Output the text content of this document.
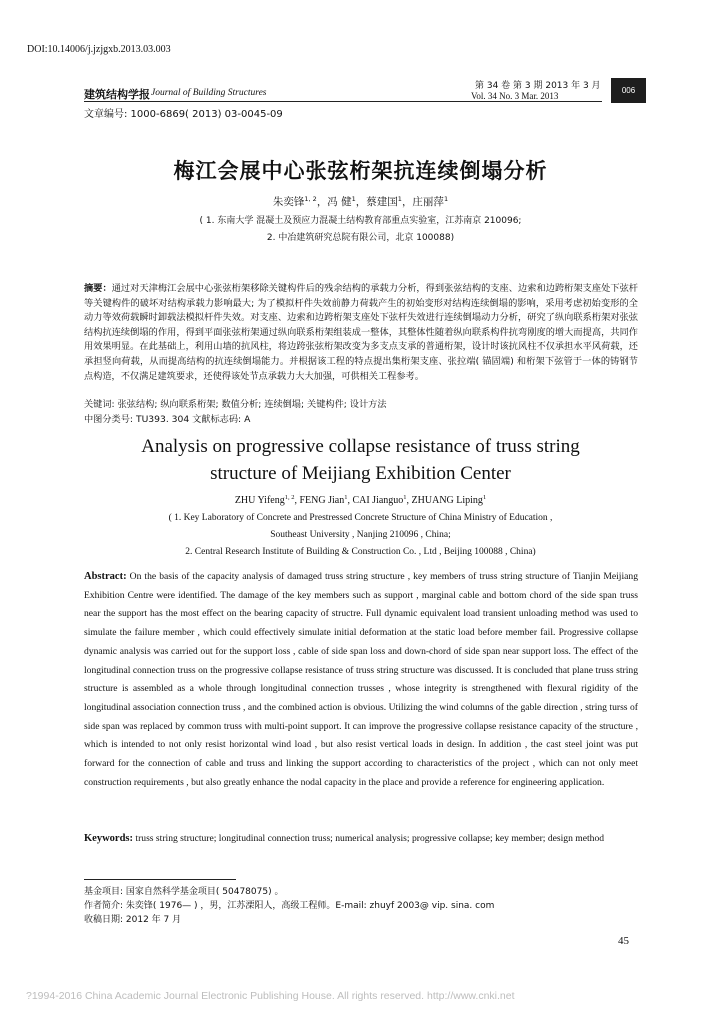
DOI:10.14006/j.jzjgxb.2013.03.003
建筑结构学报 Journal of Building Structures
第 34 卷 第 3 期 2013 年 3 月
Vol. 34 No. 3 Mar. 2013
006
文章编号: 1000-6869( 2013) 03-0045-09
梅江会展中心张弦桁架抗连续倒塌分析
朱奕锋$^{1, 2}$，冯 健$^1$，蔡建国$^1$，庄丽萍$^1$
( 1. 东南大学 混凝土及预应力混凝土结构教育部重点实验室，江苏南京 210096;
2. 中冶建筑研究总院有限公司，北京 100088)
摘要：通过对天津梅江会展中心张弦桁架移除关键构件后的残余结构的承载力分析，得到张弦结构的支座、边索和边跨桁架支座处下弦杆等关键构件的破坏对结构承载力影响最大; 为了模拟杆件失效前静力荷载产生的初始变形对结构连续倒塌的影响，采用考虑初始变形的全动力等效荷载瞬时卸载法模拟杆件失效。对支座、边索和边跨桁架支座处下弦杆失效进行连续倒塌动力分析，研究了纵向联系桁架对张弦结构抗连续倒塌的作用，得到平面张弦桁架通过纵向联系桁架组装成一整体，其整体性随着纵向联系构件抗弯刚度的增大而提高，共同作用效果明显。在此基础上，利用山墙的抗风柱，将边跨张弦桁架改变为多支点支承的普通桁架，设计时该抗风柱不仅承担水平风荷载，还承担竖向荷载，从而提高结构的抗连续倒塌能力。并根据该工程的特点提出集桁架支座、张拉端( 锚固端) 和桁架下弦管于一体的铸钢节点构造，不仅满足建筑要求，还使得该处节点承载力大大加强，可供相关工程参考。
关键词: 张弦结构; 纵向联系桁架; 数值分析; 连续倒塌; 关键构件; 设计方法
中图分类号: TU393. 304 文献标志码: A
Analysis on progressive collapse resistance of truss string
structure of Meijiang Exhibition Center
ZHU Yifeng$^{1, 2}$, FENG Jian$^1$, CAI Jianguo$^1$, ZHUANG Liping$^1$
( 1. Key Laboratory of Concrete and Prestressed Concrete Structure of China Ministry of Education ,
Southeast University , Nanjing 210096 , China;
2. Central Research Institute of Building & Construction Co. , Ltd , Beijing 100088 , China)
Abstract: On the basis of the capacity analysis of damaged truss string structure , key members of truss string structure of Tianjin Meijiang Exhibition Centre were identified. The damage of the key members such as support , marginal cable and bottom chord of the side span truss near the support has the most effect on the bearing capacity of structre. Full dynamic equivalent load transient unloading method was used to simulate the failure member , which could effectively simulate initial deformation at the static load before member fail. Progressive collapse dynamic analysis was carried out for the support loss , cable of side span loss and down-chord of side span near support loss. The effect of the longitudinal connection truss on the progressive collapse resistance of truss string structure was discussed. It is concluded that plane truss string structure is assembled as a whole through longitudinal connection trusses , whose integrity is strengthened with flexural rigidity of the longitudinal association connection truss , and the combined action is obvious. Utilizing the wind columns of the gable direction , string turss of side span was replaced by common truss with multi-point support. It can improve the progressive collapse resistance capacity of the structure , which is intended to not only resist horizontal wind load , but also resist vertical loads in design. In addition , the cast steel joint was put forward for the connection of cable and truss and linking the support according to characteristics of the project , which can not only meet construction requirements , but also greatly enhance the nodal capacity in the place and provide a reference for engineering application.
Keywords: truss string structure; longitudinal connection truss; numerical analysis; progressive collapse; key member; design method
基金项目: 国家自然科学基金项目( 50478075) 。
作者简介: 朱奕锋( 1976— ) ，男，江苏溧阳人，高级工程师。E-mail: zhuyf 2003@ vip. sina. com
收稿日期: 2012 年 7 月
45
?1994-2016 China Academic Journal Electronic Publishing House. All rights reserved. http://www.cnki.net
